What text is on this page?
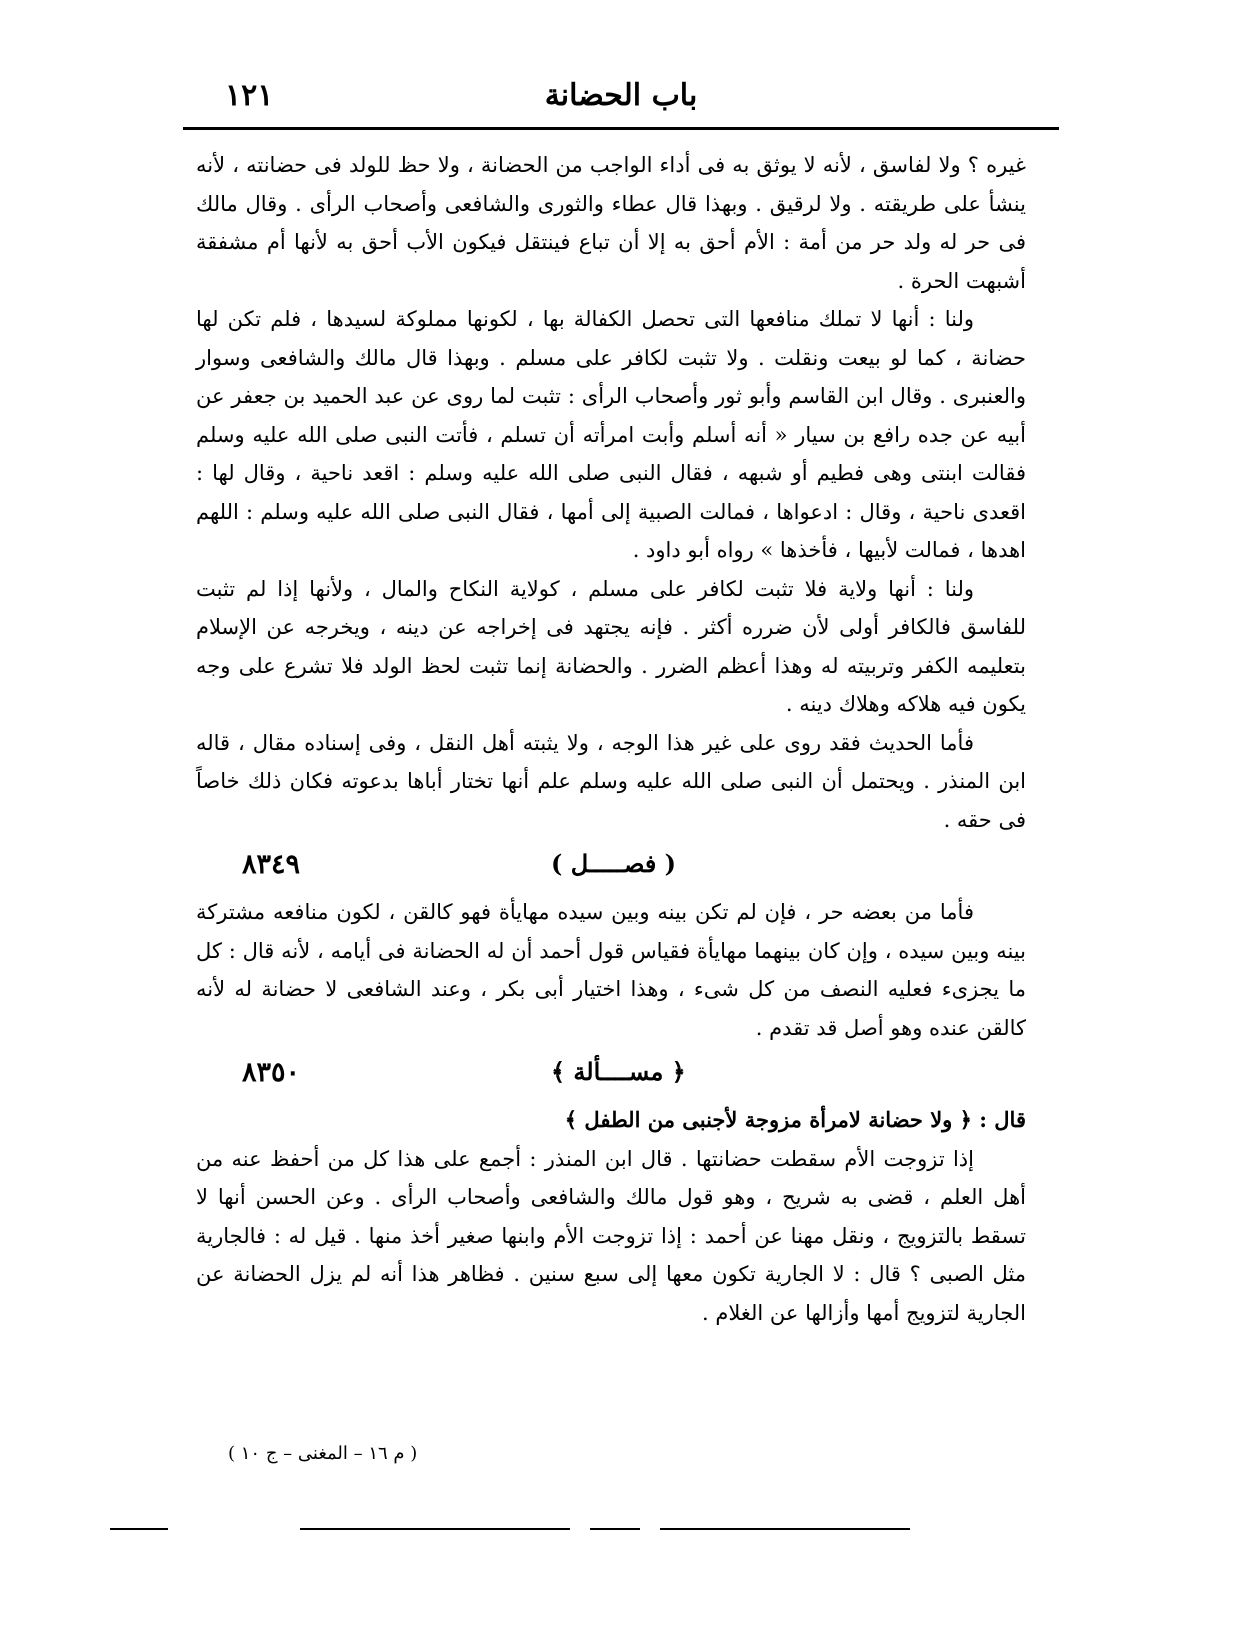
باب الحضانة
١٢١

غيره ؟ ولا لفاسق ، لأنه لا يوثق به فى أداء الواجب من الحضانة ، ولا حظ للولد فى حضانته ، لأنه ينشأ على طريقته . ولا لرقيق . وبهذا قال عطاء والثورى والشافعى وأصحاب الرأى . وقال مالك فى حر له ولد حر من أمة : الأم أحق به إلا أن تباع فينتقل فيكون الأب أحق به لأنها أم مشفقة أشبهت الحرة .

ولنا : أنها لا تملك منافعها التى تحصل الكفالة بها ، لكونها مملوكة لسيدها ، فلم تكن لها حضانة ، كما لو بيعت ونقلت . ولا تثبت لكافر على مسلم . وبهذا قال مالك والشافعى وسوار والعنبرى . وقال ابن القاسم وأبو ثور وأصحاب الرأى : تثبت لما روى عن عبد الحميد بن جعفر عن أبيه عن جده رافع بن سيار « أنه أسلم وأبت امرأته أن تسلم ، فأتت النبى صلى الله عليه وسلم فقالت ابنتى وهى فطيم أو شبهه ، فقال النبى صلى الله عليه وسلم : اقعد ناحية ، وقال لها : اقعدى ناحية ، وقال : ادعواها ، فمالت الصبية إلى أمها ، فقال النبى صلى الله عليه وسلم : اللهم اهدها ، فمالت لأبيها ، فأخذها » رواه أبو داود .

ولنا : أنها ولاية فلا تثبت لكافر على مسلم ، كولاية النكاح والمال ، ولأنها إذا لم تثبت للفاسق فالكافر أولى لأن ضرره أكثر . فإنه يجتهد فى إخراجه عن دينه ، ويخرجه عن الإسلام بتعليمه الكفر وتربيته له وهذا أعظم الضرر . والحضانة إنما تثبت لحظ الولد فلا تشرع على وجه يكون فيه هلاكه وهلاك دينه .

فأما الحديث فقد روى على غير هذا الوجه ، ولا يثبته أهل النقل ، وفى إسناده مقال ، قاله ابن المنذر . ويحتمل أن النبى صلى الله عليه وسلم علم أنها تختار أباها بدعوته فكان ذلك خاصاً فى حقه .

٨٣٤٩	( فصـــــل )

فأما من بعضه حر ، فإن لم تكن بينه وبين سيده مهايأة فهو كالقن ، لكون منافعه مشتركة بينه وبين سيده ، وإن كان بينهما مهايأة فقياس قول أحمد أن له الحضانة فى أيامه ، لأنه قال : كل ما يجزىء فعليه النصف من كل شىء ، وهذا اختيار أبى بكر ، وعند الشافعى لا حضانة له لأنه كالقن عنده وهو أصل قد تقدم .

٨٣٥٠	﴿ مســــألة ﴾

قال : ﴿ ولا حضانة لامرأة مزوجة لأجنبى من الطفل ﴾

إذا تزوجت الأم سقطت حضانتها . قال ابن المنذر : أجمع على هذا كل من أحفظ عنه من أهل العلم ، قضى به شريح ، وهو قول مالك والشافعى وأصحاب الرأى . وعن الحسن أنها لا تسقط بالتزويج ، ونقل مهنا عن أحمد : إذا تزوجت الأم وابنها صغير أخذ منها . قيل له : فالجارية مثل الصبى ؟ قال : لا الجارية تكون معها إلى سبع سنين . فظاهر هذا أنه لم يزل الحضانة عن الجارية لتزويج أمها وأزالها عن الغلام .

( م ١٦ – المغنى – ج ١٠ )
